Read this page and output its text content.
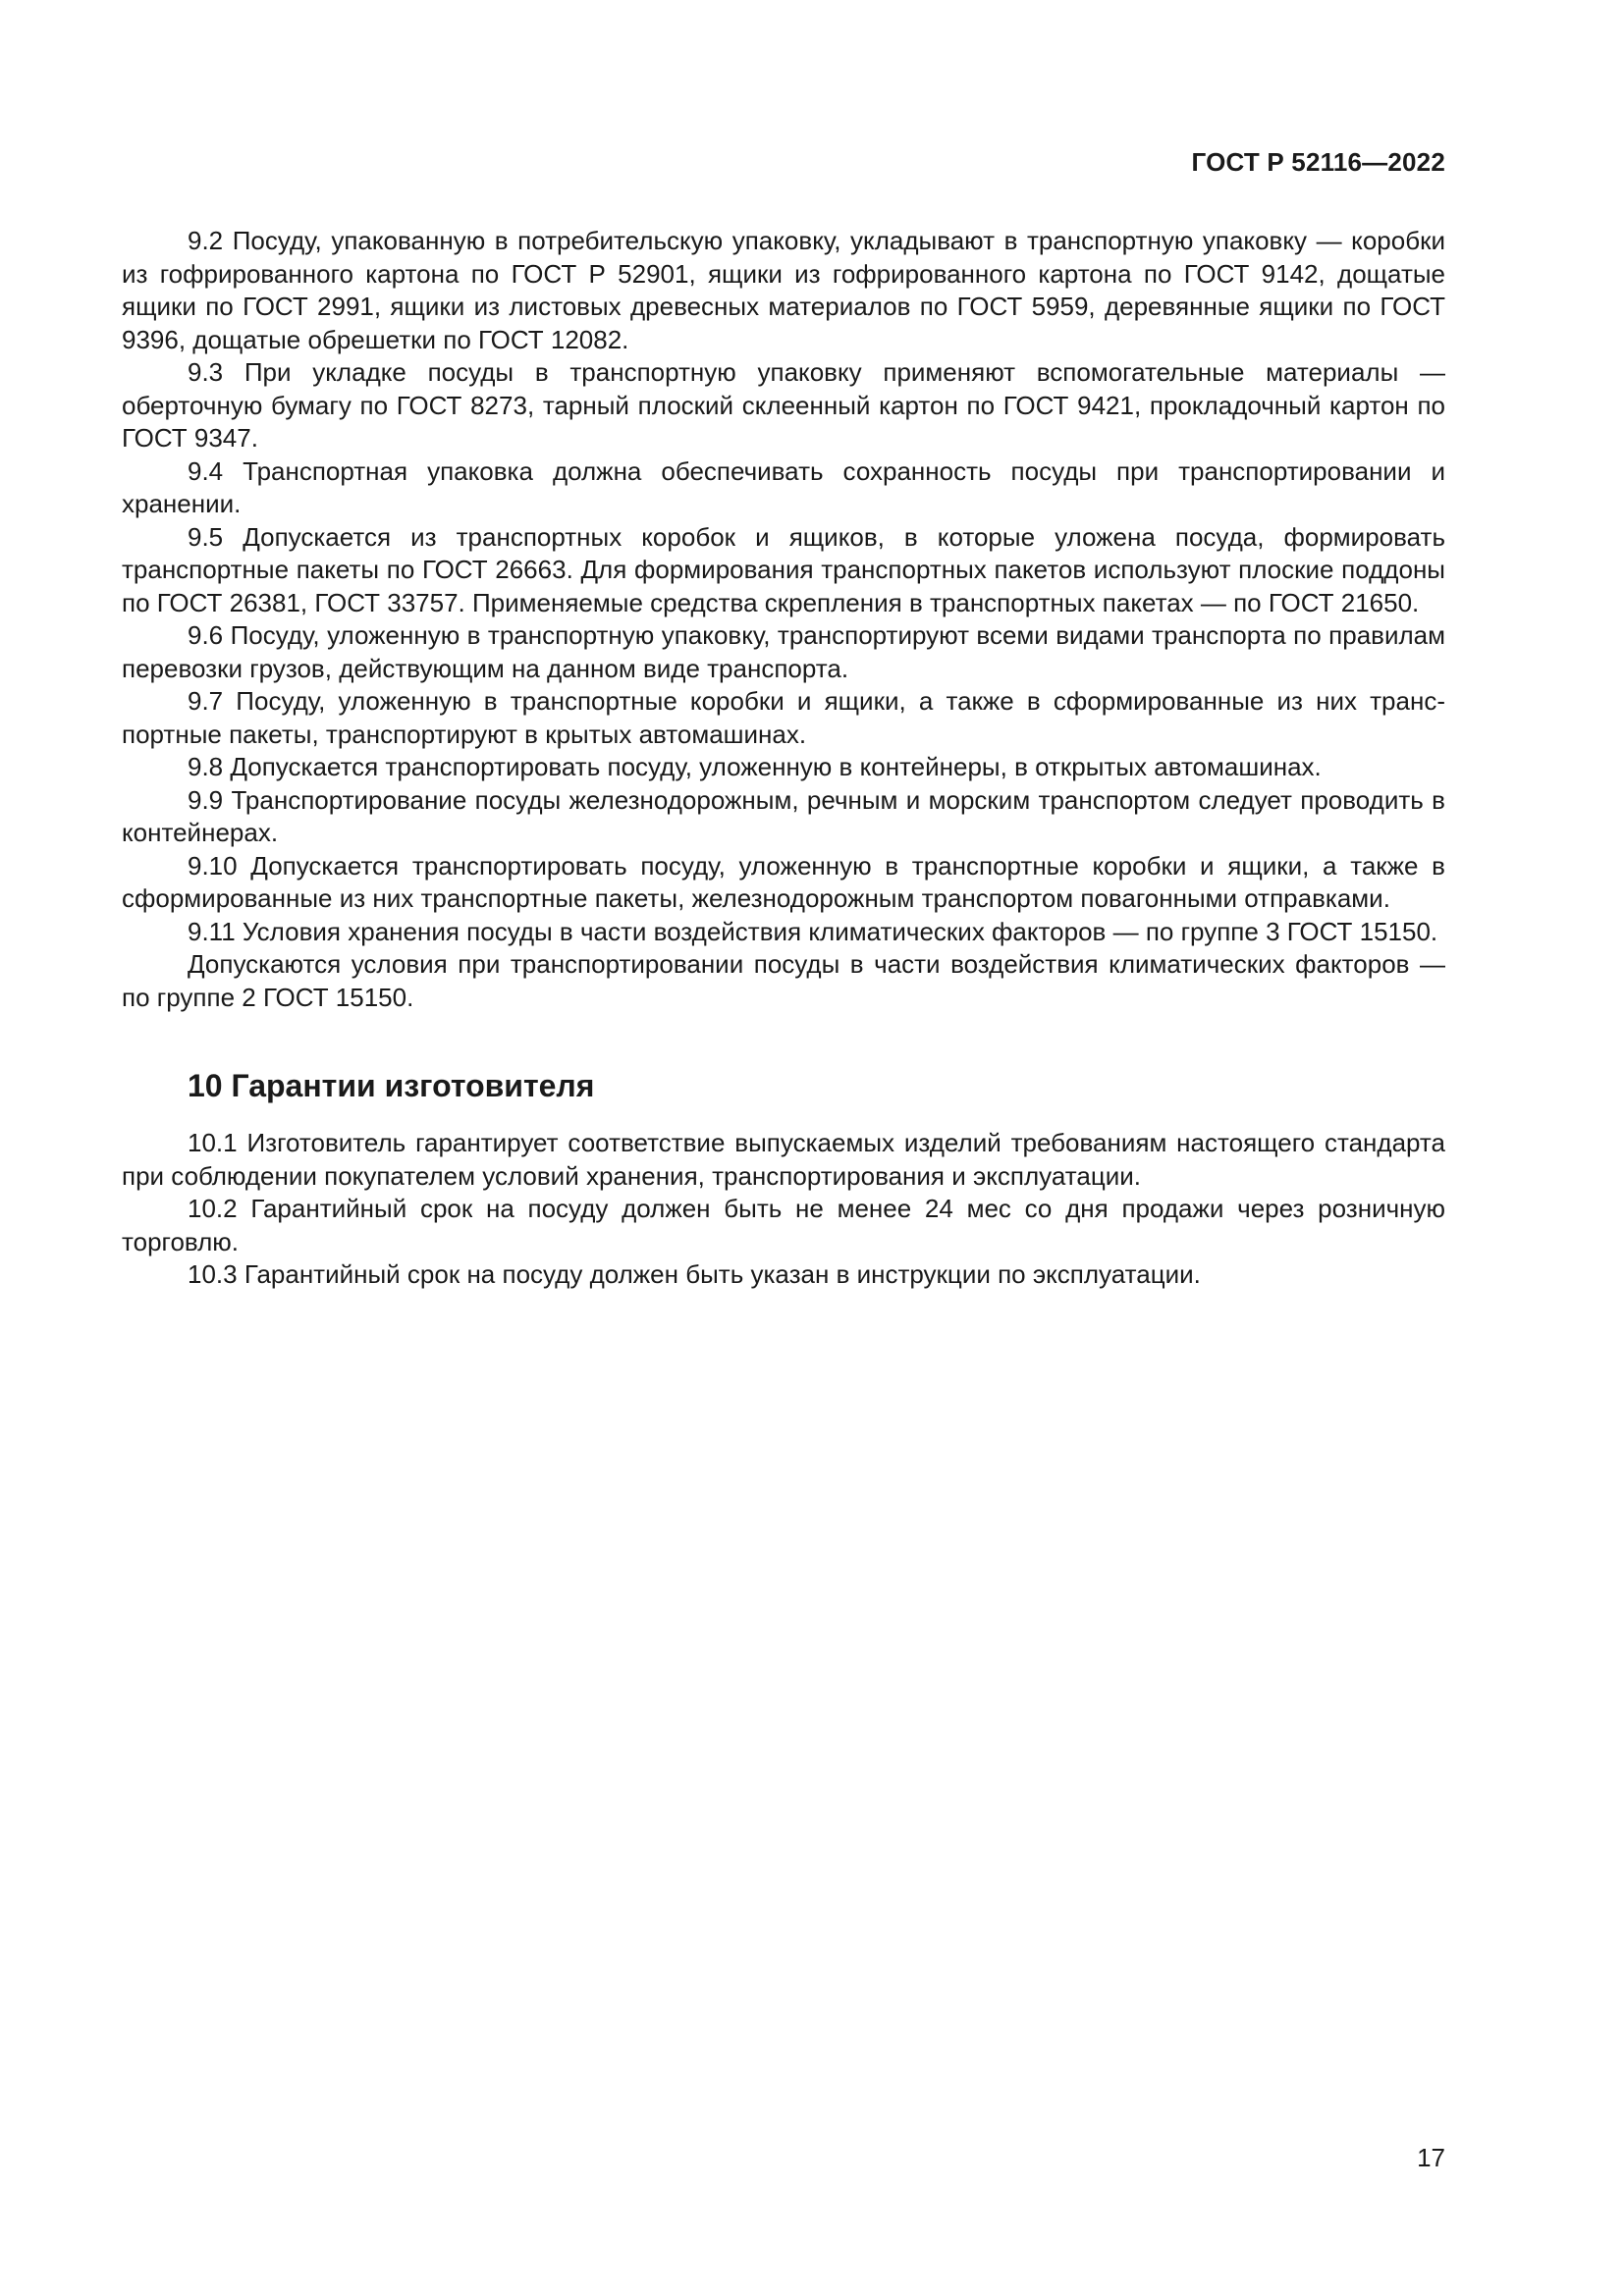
ГОСТ Р 52116—2022

9.2 Посуду, упакованную в потребительскую упаковку, укладывают в транспортную упаковку — коробки из гофрированного картона по ГОСТ Р 52901, ящики из гофрированного картона по ГОСТ 9142, дощатые ящики по ГОСТ 2991, ящики из листовых древесных материалов по ГОСТ 5959, деревянные ящики по ГОСТ 9396, дощатые обрешетки по ГОСТ 12082.

9.3 При укладке посуды в транспортную упаковку применяют вспомогательные материалы — оберточную бумагу по ГОСТ 8273, тарный плоский склеенный картон по ГОСТ 9421, прокладочный картон по ГОСТ 9347.

9.4 Транспортная упаковка должна обеспечивать сохранность посуды при транспортировании и хранении.

9.5 Допускается из транспортных коробок и ящиков, в которые уложена посуда, формировать транспортные пакеты по ГОСТ 26663. Для формирования транспортных пакетов используют плоские поддоны по ГОСТ 26381, ГОСТ 33757. Применяемые средства скрепления в транспортных пакетах — по ГОСТ 21650.

9.6 Посуду, уложенную в транспортную упаковку, транспортируют всеми видами транспорта по правилам перевозки грузов, действующим на данном виде транспорта.

9.7 Посуду, уложенную в транспортные коробки и ящики, а также в сформированные из них транспортные пакеты, транспортируют в крытых автомашинах.

9.8 Допускается транспортировать посуду, уложенную в контейнеры, в открытых автомашинах.

9.9 Транспортирование посуды железнодорожным, речным и морским транспортом следует проводить в контейнерах.

9.10 Допускается транспортировать посуду, уложенную в транспортные коробки и ящики, а также в сформированные из них транспортные пакеты, железнодорожным транспортом повагонными отправками.

9.11 Условия хранения посуды в части воздействия климатических факторов — по группе 3 ГОСТ 15150.

Допускаются условия при транспортировании посуды в части воздействия климатических факторов — по группе 2 ГОСТ 15150.

10 Гарантии изготовителя

10.1 Изготовитель гарантирует соответствие выпускаемых изделий требованиям настоящего стандарта при соблюдении покупателем условий хранения, транспортирования и эксплуатации.

10.2 Гарантийный срок на посуду должен быть не менее 24 мес со дня продажи через розничную торговлю.

10.3 Гарантийный срок на посуду должен быть указан в инструкции по эксплуатации.

17
